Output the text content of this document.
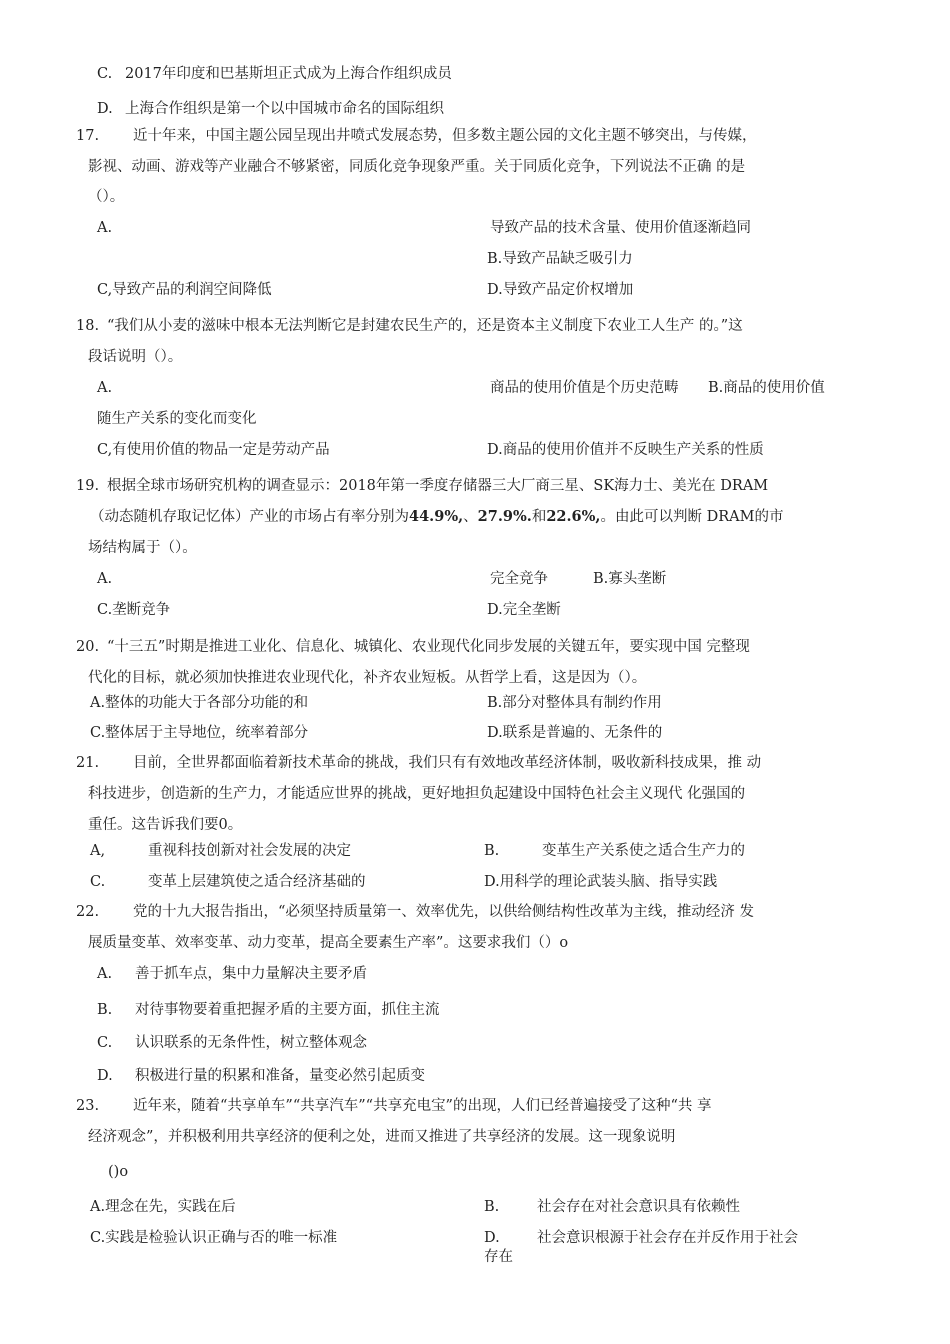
C. 2017年印度和巴基斯坦正式成为上海合作组织成员
D. 上海合作组织是第一个以中国城市命名的国际组织
17. 近十年来，中国主题公园呈现出井喷式发展态势，但多数主题公园的文化主题不够突出，与传媒，
影视、动画、游戏等产业融合不够紧密，同质化竞争现象严重。关于同质化竞争，下列说法不正确 的是
（）。
A.	导致产品的技术含量、使用价值逐渐趋同
B.导致产品缺乏吸引力
C,导致产品的利润空间降低	D.导致产品定价权增加
18. “我们从小麦的滋味中根本无法判断它是封建农民生产的，还是资本主义制度下农业工人生产 的。”这
段话说明（）。
A.	商品的使用价值是个历史范畴 B.商品的使用价值
随生产关系的变化而变化
C,有使用价值的物品一定是劳动产品	D.商品的使用价值并不反映生产关系的性质
19. 根据全球市场研究机构的调查显示：2018年第一季度存储器三大厂商三星、SK海力士、美光在 DRAM
（动态随机存取记忆体）产业的市场占有率分别为44.9%,、27.9%.和22.6%,。由此可以判断 DRAM的市
场结构属于（）。
A.	完全竞争	B.寡头垄断
C.垄断竞争	D.完全垄断
20. “十三五”时期是推进工业化、信息化、城镇化、农业现代化同步发展的关键五年，要实现中国 完整现
代化的目标，就必须加快推进农业现代化，补齐农业短板。从哲学上看，这是因为（）。
A.整体的功能大于各部分功能的和	B.部分对整体具有制约作用
C.整体居于主导地位，统率着部分	D.联系是普遍的、无条件的
21. 目前，全世界都面临着新技术革命的挑战，我们只有有效地改革经济体制，吸收新科技成果，推 动
科技进步，创造新的生产力，才能适应世界的挑战，更好地担负起建设中国特色社会主义现代 化强国的
重任。这告诉我们要0。
A,	重视科技创新对社会发展的决定	B.	变革生产关系使之适合生产力的
C.	变革上层建筑使之适合经济基础的	D.用科学的理论武装头脑、指导实践
22. 党的十九大报告指出，“必须坚持质量第一、效率优先，以供给侧结构性改革为主线，推动经济 发
展质量变革、效率变革、动力变革，提高全要素生产率”。这要求我们（）o
A. 善于抓车点，集中力量解决主要矛盾
B. 对待事物要着重把握矛盾的主要方面，抓住主流
C. 认识联系的无条件性，树立整体观念
D. 积极进行量的积累和准备，量变必然引起质变
23. 近年来，随着“共享单车”“共享汽车”“共享充电宝”的出现，人们已经普遍接受了这种“共 享
经济观念”，并积极利用共享经济的便利之处，进而又推进了共享经济的发展。这一现象说明
()o
A.理念在先，实践在后	B.	社会存在对社会意识具有依赖性
C.实践是检验认识正确与否的唯一标准	D.	社会意识根源于社会存在并反作用于社会
存在
